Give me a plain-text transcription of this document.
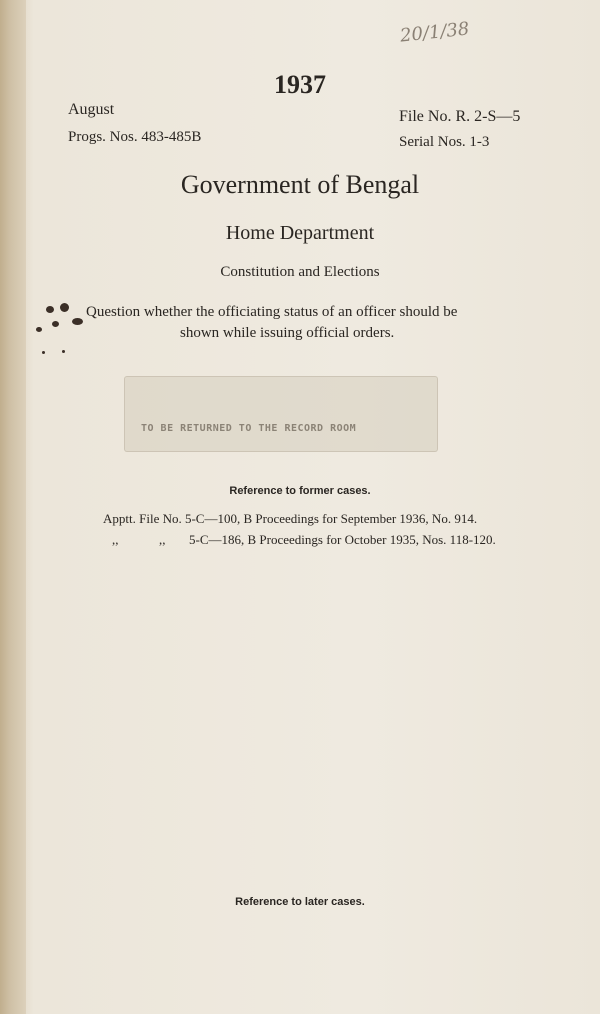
20/1/38
1937
August
Progs. Nos. 483-485B
File No. R. 2-S—5
Serial Nos. 1-3
Government of Bengal
Home Department
Constitution and Elections
Question whether the officiating status of an officer should be
shown while issuing official orders.
TO BE RETURNED TO THE RECORD ROOM
Reference to former cases.
Apptt. File No. 5-C—100, B Proceedings for September 1936, No. 914.
,,	,, 5-C—186, B Proceedings for October 1935, Nos. 118-120.
Reference to later cases.
